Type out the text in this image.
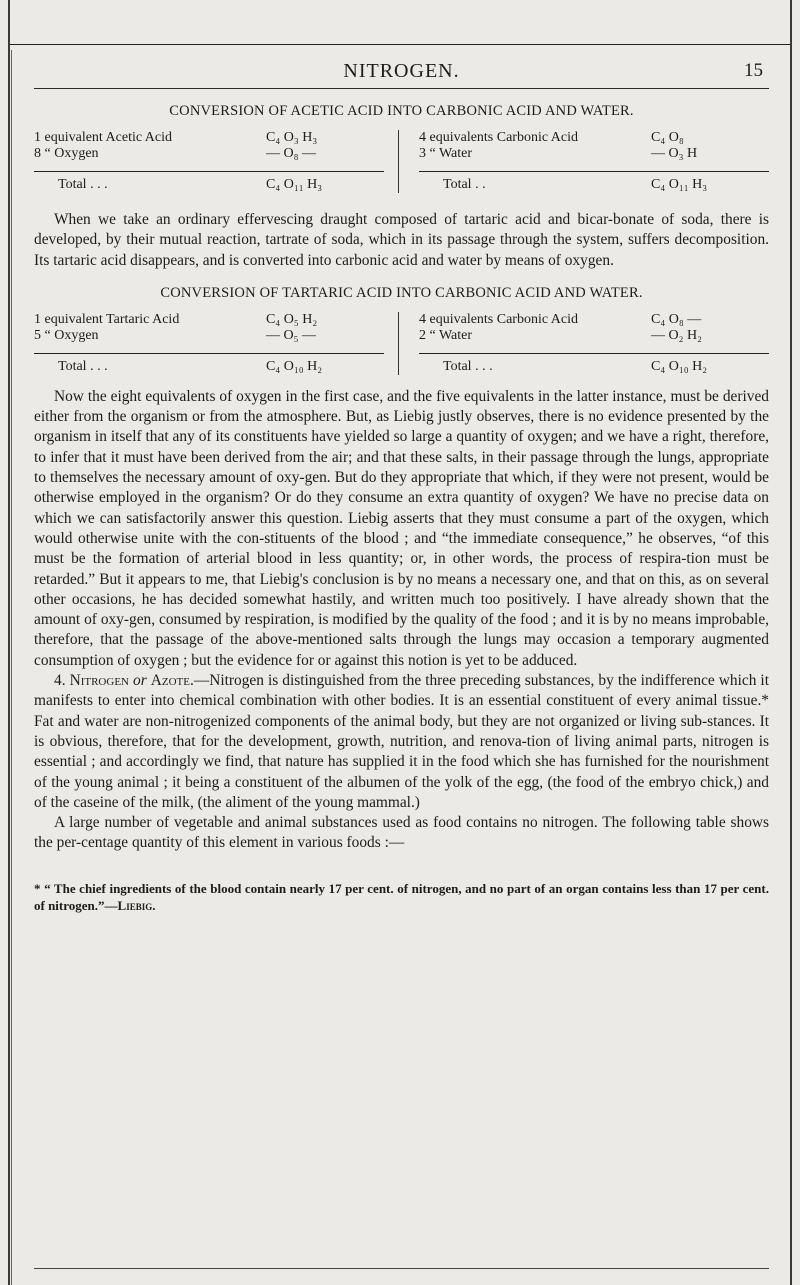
NITROGEN.	15
CONVERSION OF ACETIC ACID INTO CARBONIC ACID AND WATER.
1 equivalent Acetic Acid	C₄ O₃ H₃
8 “ Oxygen	— O₈ —
Total . . .	C₄ O₁₁ H₃
4 equivalents Carbonic Acid	C₄ O₈
3 “ Water	— O₃ H
Total . .	C₄ O₁₁ H₃

When we take an ordinary effervescing draught composed of tartaric acid and bicar-bonate of soda, there is developed, by their mutual reaction, tartrate of soda, which in its passage through the system, suffers decomposition. Its tartaric acid disappears, and is converted into carbonic acid and water by means of oxygen.

CONVERSION OF TARTARIC ACID INTO CARBONIC ACID AND WATER.
1 equivalent Tartaric Acid	C₄ O₅ H₂
5 “ Oxygen	— O₅ —
Total . . .	C₄ O₁₀ H₂
4 equivalents Carbonic Acid	C₄ O₈ —
2 “ Water	— O₂ H₂
Total . . .	C₄ O₁₀ H₂

Now the eight equivalents of oxygen in the first case, and the five equivalents in the latter instance, must be derived either from the organism or from the atmosphere. But, as Liebig justly observes, there is no evidence presented by the organism in itself that any of its constituents have yielded so large a quantity of oxygen; and we have a right, therefore, to infer that it must have been derived from the air; and that these salts, in their passage through the lungs, appropriate to themselves the necessary amount of oxy-gen. But do they appropriate that which, if they were not present, would be otherwise employed in the organism? Or do they consume an extra quantity of oxygen? We have no precise data on which we can satisfactorily answer this question. Liebig asserts that they must consume a part of the oxygen, which would otherwise unite with the con-stituents of the blood ; and “the immediate consequence,” he observes, “of this must be the formation of arterial blood in less quantity; or, in other words, the process of respira-tion must be retarded.” But it appears to me, that Liebig's conclusion is by no means a necessary one, and that on this, as on several other occasions, he has decided somewhat hastily, and written much too positively. I have already shown that the amount of oxy-gen, consumed by respiration, is modified by the quality of the food ; and it is by no means improbable, therefore, that the passage of the above-mentioned salts through the lungs may occasion a temporary augmented consumption of oxygen ; but the evidence for or against this notion is yet to be adduced.

4. Nitrogen or Azote.—Nitrogen is distinguished from the three preceding substances, by the indifference which it manifests to enter into chemical combination with other bodies. It is an essential constituent of every animal tissue.* Fat and water are non-nitrogenized components of the animal body, but they are not organized or living sub-stances. It is obvious, therefore, that for the development, growth, nutrition, and renova-tion of living animal parts, nitrogen is essential ; and accordingly we find, that nature has supplied it in the food which she has furnished for the nourishment of the young animal ; it being a constituent of the albumen of the yolk of the egg, (the food of the embryo chick,) and of the caseine of the milk, (the aliment of the young mammal.)

A large number of vegetable and animal substances used as food contains no nitrogen. The following table shows the per-centage quantity of this element in various foods :—

* “ The chief ingredients of the blood contain nearly 17 per cent. of nitrogen, and no part of an organ contains less than 17 per cent. of nitrogen.”—Liebig.
